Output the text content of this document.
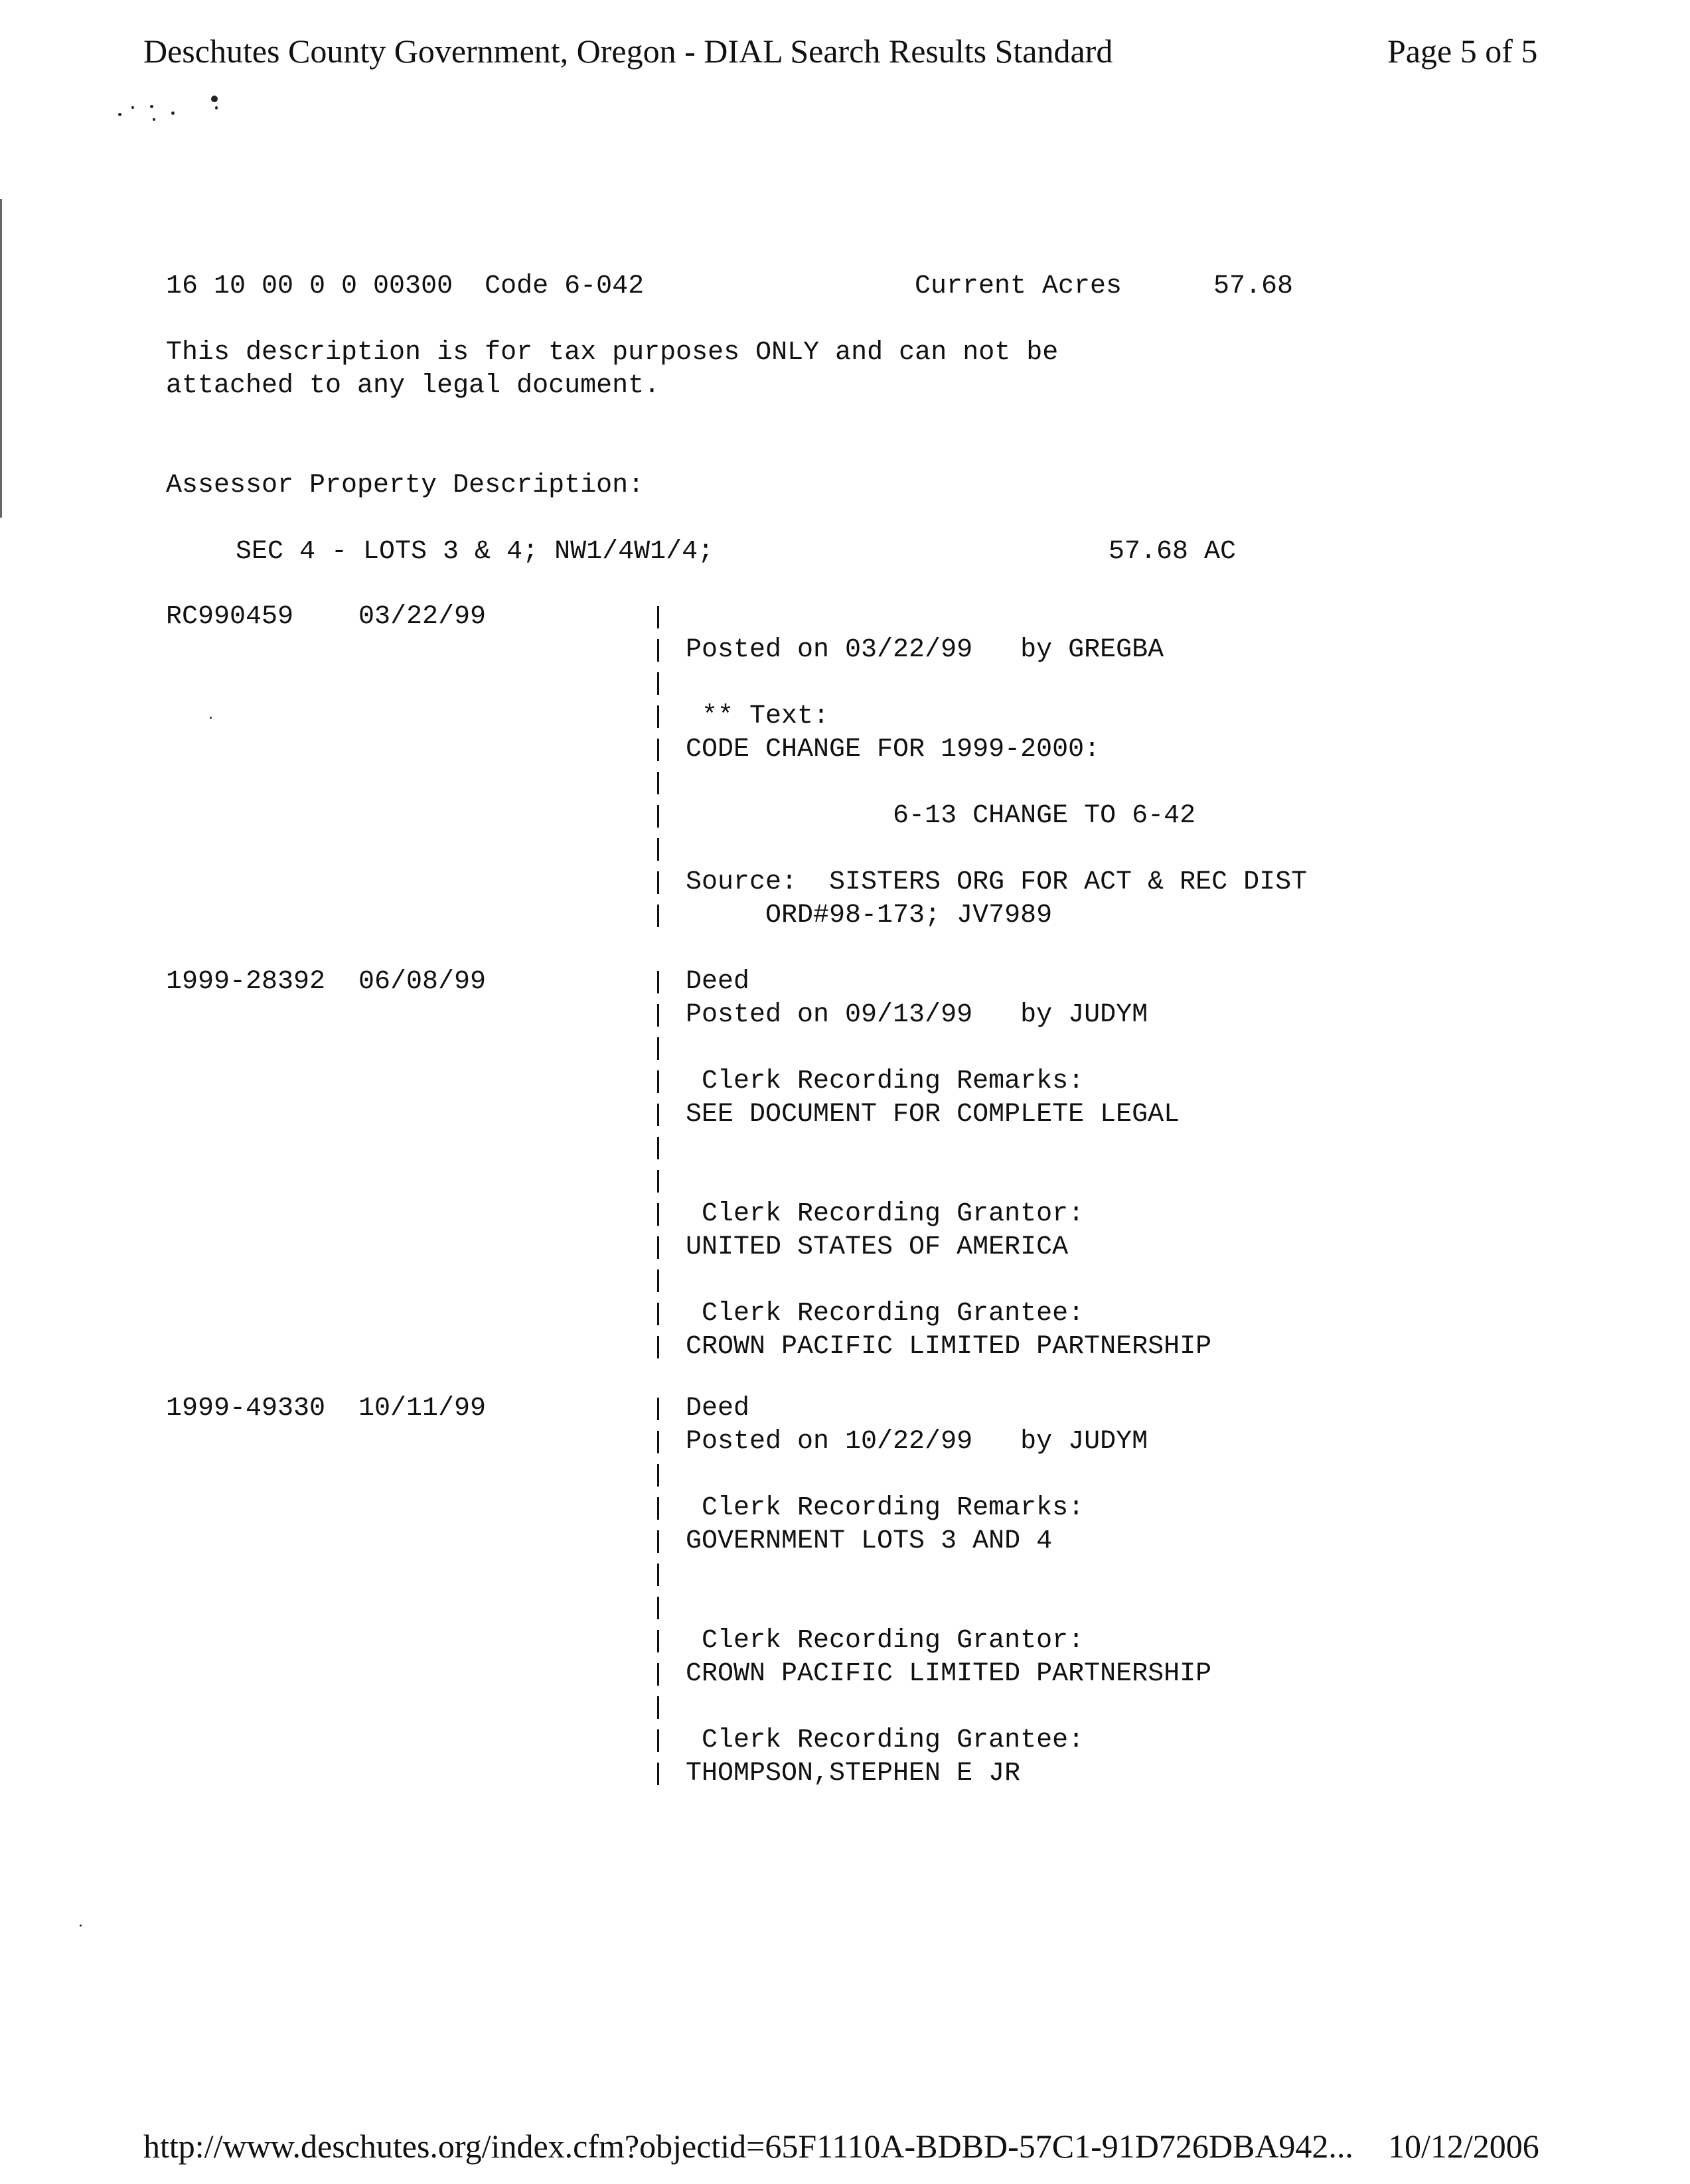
Deschutes County Government, Oregon - DIAL Search Results Standard	Page 5 of 5
16 10 00 0 0 00300  Code 6-042	Current Acres	57.68
This description is for tax purposes ONLY and can not be
attached to any legal document.
Assessor Property Description:
SEC 4 - LOTS 3 & 4; NW1/4W1/4;	57.68 AC
RC990459 03/22/99
Posted on 03/22/99   by GREGBA
** Text:
CODE CHANGE FOR 1999-2000:
6-13 CHANGE TO 6-42
Source:  SISTERS ORG FOR ACT & REC DIST
ORD#98-173; JV7989
1999-28392 06/08/99	Deed
Posted on 09/13/99   by JUDYM
Clerk Recording Remarks:
SEE DOCUMENT FOR COMPLETE LEGAL
Clerk Recording Grantor:
UNITED STATES OF AMERICA
Clerk Recording Grantee:
CROWN PACIFIC LIMITED PARTNERSHIP
1999-49330 10/11/99	Deed
Posted on 10/22/99   by JUDYM
Clerk Recording Remarks:
GOVERNMENT LOTS 3 AND 4
Clerk Recording Grantor:
CROWN PACIFIC LIMITED PARTNERSHIP
Clerk Recording Grantee:
THOMPSON,STEPHEN E JR
http://www.deschutes.org/index.cfm?objectid=65F1110A-BDBD-57C1-91D726DBA942... 10/12/2006
